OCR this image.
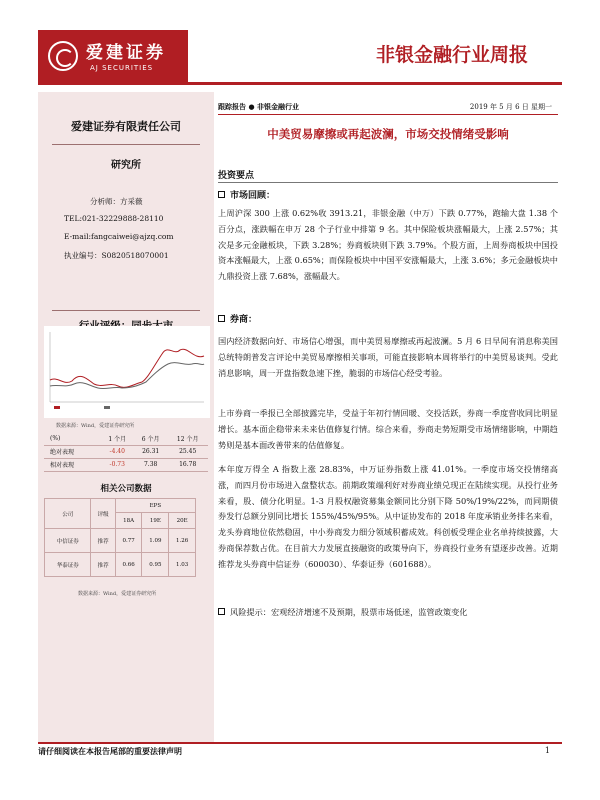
爱建证券
AJ SECURITIES
非银金融行业周报
爱建证券有限责任公司
研究所
分析师：方采薇
TEL:021-32229888-28110
E-mail:fangcaiwei@ajzq.com
执业编号：S0820518070001
相关公司数据
数据来源：Wind，爱建证券研究所
(%)	1 个月	6 个月	12 个月
绝对表现	-4.40	26.31	25.45
相对表现	-0.73	7.38	16.78
公司	评级	EPS		
		18A	19E	20E
中信证券	推荐	0.77	1.09	1.26
华泰证券	推荐	0.66	0.95	1.03
数据来源：Wind，爱建证券研究所
跟踪报告 ● 非银金融行业	2019 年 5 月 6 日 星期一
中美贸易摩擦或再起波澜，市场交投情绪受影响
投资要点
市场回顾：
上周沪深 300 上涨 0.62%收 3913.21，非银金融（中万）下跌 0.77%，跑输大盘 1.38 个百分点，涨跌幅在申万 28 个子行业中排第 9 名。其中保险板块涨幅最大，上涨 2.57%；其次是多元金融板块，下跌 3.28%；券商板块则下跌 3.79%。个股方面，上周券商板块中国投资本涨幅最大，上涨 0.65%；而保险板块中中国平安涨幅最大，上涨 3.6%；多元金融板块中九鼎投资上涨 7.68%，涨幅最大。
券商：
国内经济数据向好、市场信心增强，而中美贸易摩擦或再起波澜。5 月 6 日早间有消息称美国总统特朗普发言评论中美贸易摩擦相关事项，可能直接影响本周将举行的中美贸易谈判。受此消息影响，周一开盘指数急速下挫，脆弱的市场信心经受考验。
上市券商一季报已全部披露完毕，受益于年初行情回暖、交投活跃，券商一季度营收同比明显增长。基本面企稳带来未来估值修复行情。综合来看，券商走势短期受市场情绪影响，中期趋势则是基本面改善带来的估值修复。
本年度万得全 A 指数上涨 28.83%，中万证券指数上涨 41.01%。一季度市场交投情绪高涨，而四月份市场进入盘整状态。前期政策端利好对券商业绩兑现正在陆续实现。从投行业务来看，股、债分化明显。1-3 月股权融资募集金额同比分别下降 50%/19%/22%，而同期债券发行总额分别同比增长 155%/45%/95%。从中证协发布的 2018 年度承销业务排名来看，龙头券商地位依然稳固，中小券商发力细分领域积蓄成效。科创板受理企业名单持续披露，大券商保荐数占优。在目前大力发展直接融资的政策导向下，券商投行业务有望逐步改善。近期推荐龙头券商中信证券（600030）、华泰证券（601688）。
风险提示：宏观经济增速不及预期，股票市场低迷，监管政策变化
请仔细阅读在本报告尾部的重要法律声明	1
